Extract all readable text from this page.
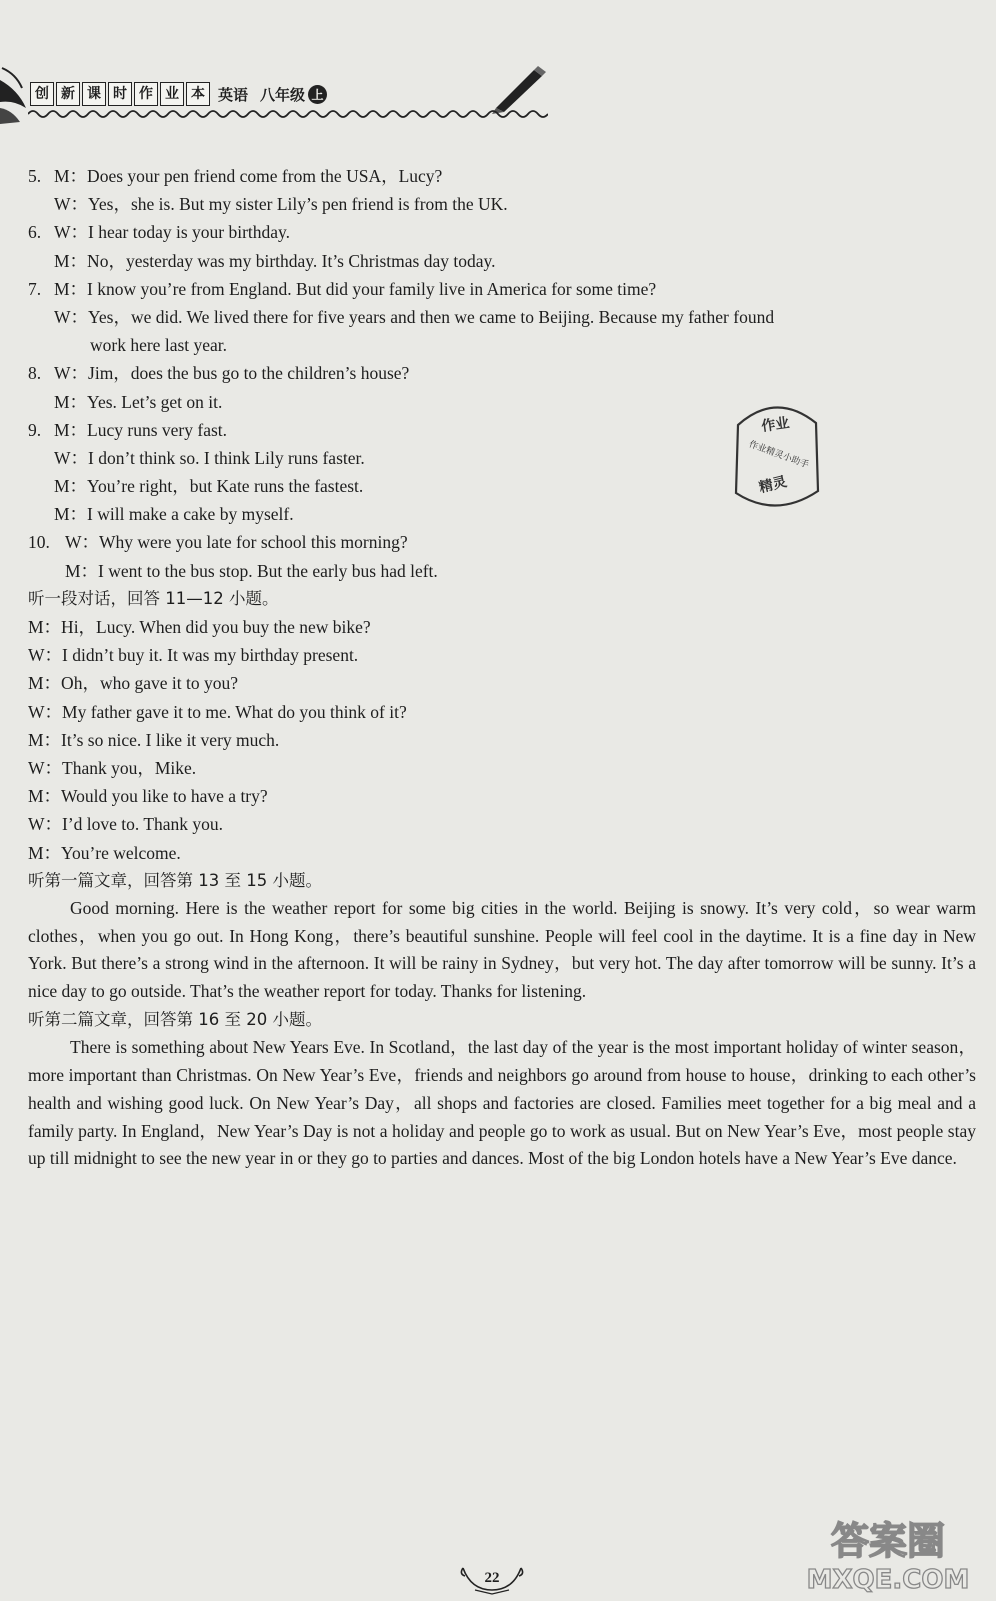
创 新 课 时 作 业 本 英语 八年级 上
5. M：Does your pen friend come from the USA，Lucy?
W：Yes，she is. But my sister Lily’s pen friend is from the UK.
6. W：I hear today is your birthday.
M：No，yesterday was my birthday. It’s Christmas day today.
7. M：I know you’re from England. But did your family live in America for some time?
W：Yes，we did. We lived there for five years and then we came to Beijing. Because my father found
work here last year.
8. W：Jim，does the bus go to the children’s house?
M：Yes. Let’s get on it.
9. M：Lucy runs very fast.
W：I don’t think so. I think Lily runs faster.
M：You’re right，but Kate runs the fastest.
M：I will make a cake by myself.
10. W：Why were you late for school this morning?
M：I went to the bus stop. But the early bus had left.
听一段对话，回答 11—12 小题。
M：Hi，Lucy. When did you buy the new bike?
W：I didn’t buy it. It was my birthday present.
M：Oh，who gave it to you?
W：My father gave it to me. What do you think of it?
M：It’s so nice. I like it very much.
W：Thank you，Mike.
M：Would you like to have a try?
W：I’d love to. Thank you.
M：You’re welcome.
听第一篇文章，回答第 13 至 15 小题。

Good morning. Here is the weather report for some big cities in the world. Beijing is snowy. It’s very cold，so wear warm clothes，when you go out. In Hong Kong，there’s beautiful sunshine. People will feel cool in the daytime. It is a fine day in New York. But there’s a strong wind in the afternoon. It will be rainy in Sydney，but very hot. The day after tomorrow will be sunny. It’s a nice day to go outside. That’s the weather report for today. Thanks for listening.

听第二篇文章，回答第 16 至 20 小题。

There is something about New Years Eve. In Scotland，the last day of the year is the most important holiday of winter season，more important than Christmas. On New Year’s Eve，friends and neighbors go around from house to house，drinking to each other’s health and wishing good luck. On New Year’s Day，all shops and factories are closed. Families meet together for a big meal and a family party. In England，New Year’s Day is not a holiday and people go to work as usual. But on New Year’s Eve，most people stay up till midnight to see the new year in or they go to parties and dances. Most of the big London hotels have a New Year’s Eve dance.

作业
作业精灵小助手
精灵
22
答案圈
MXQE.COM
